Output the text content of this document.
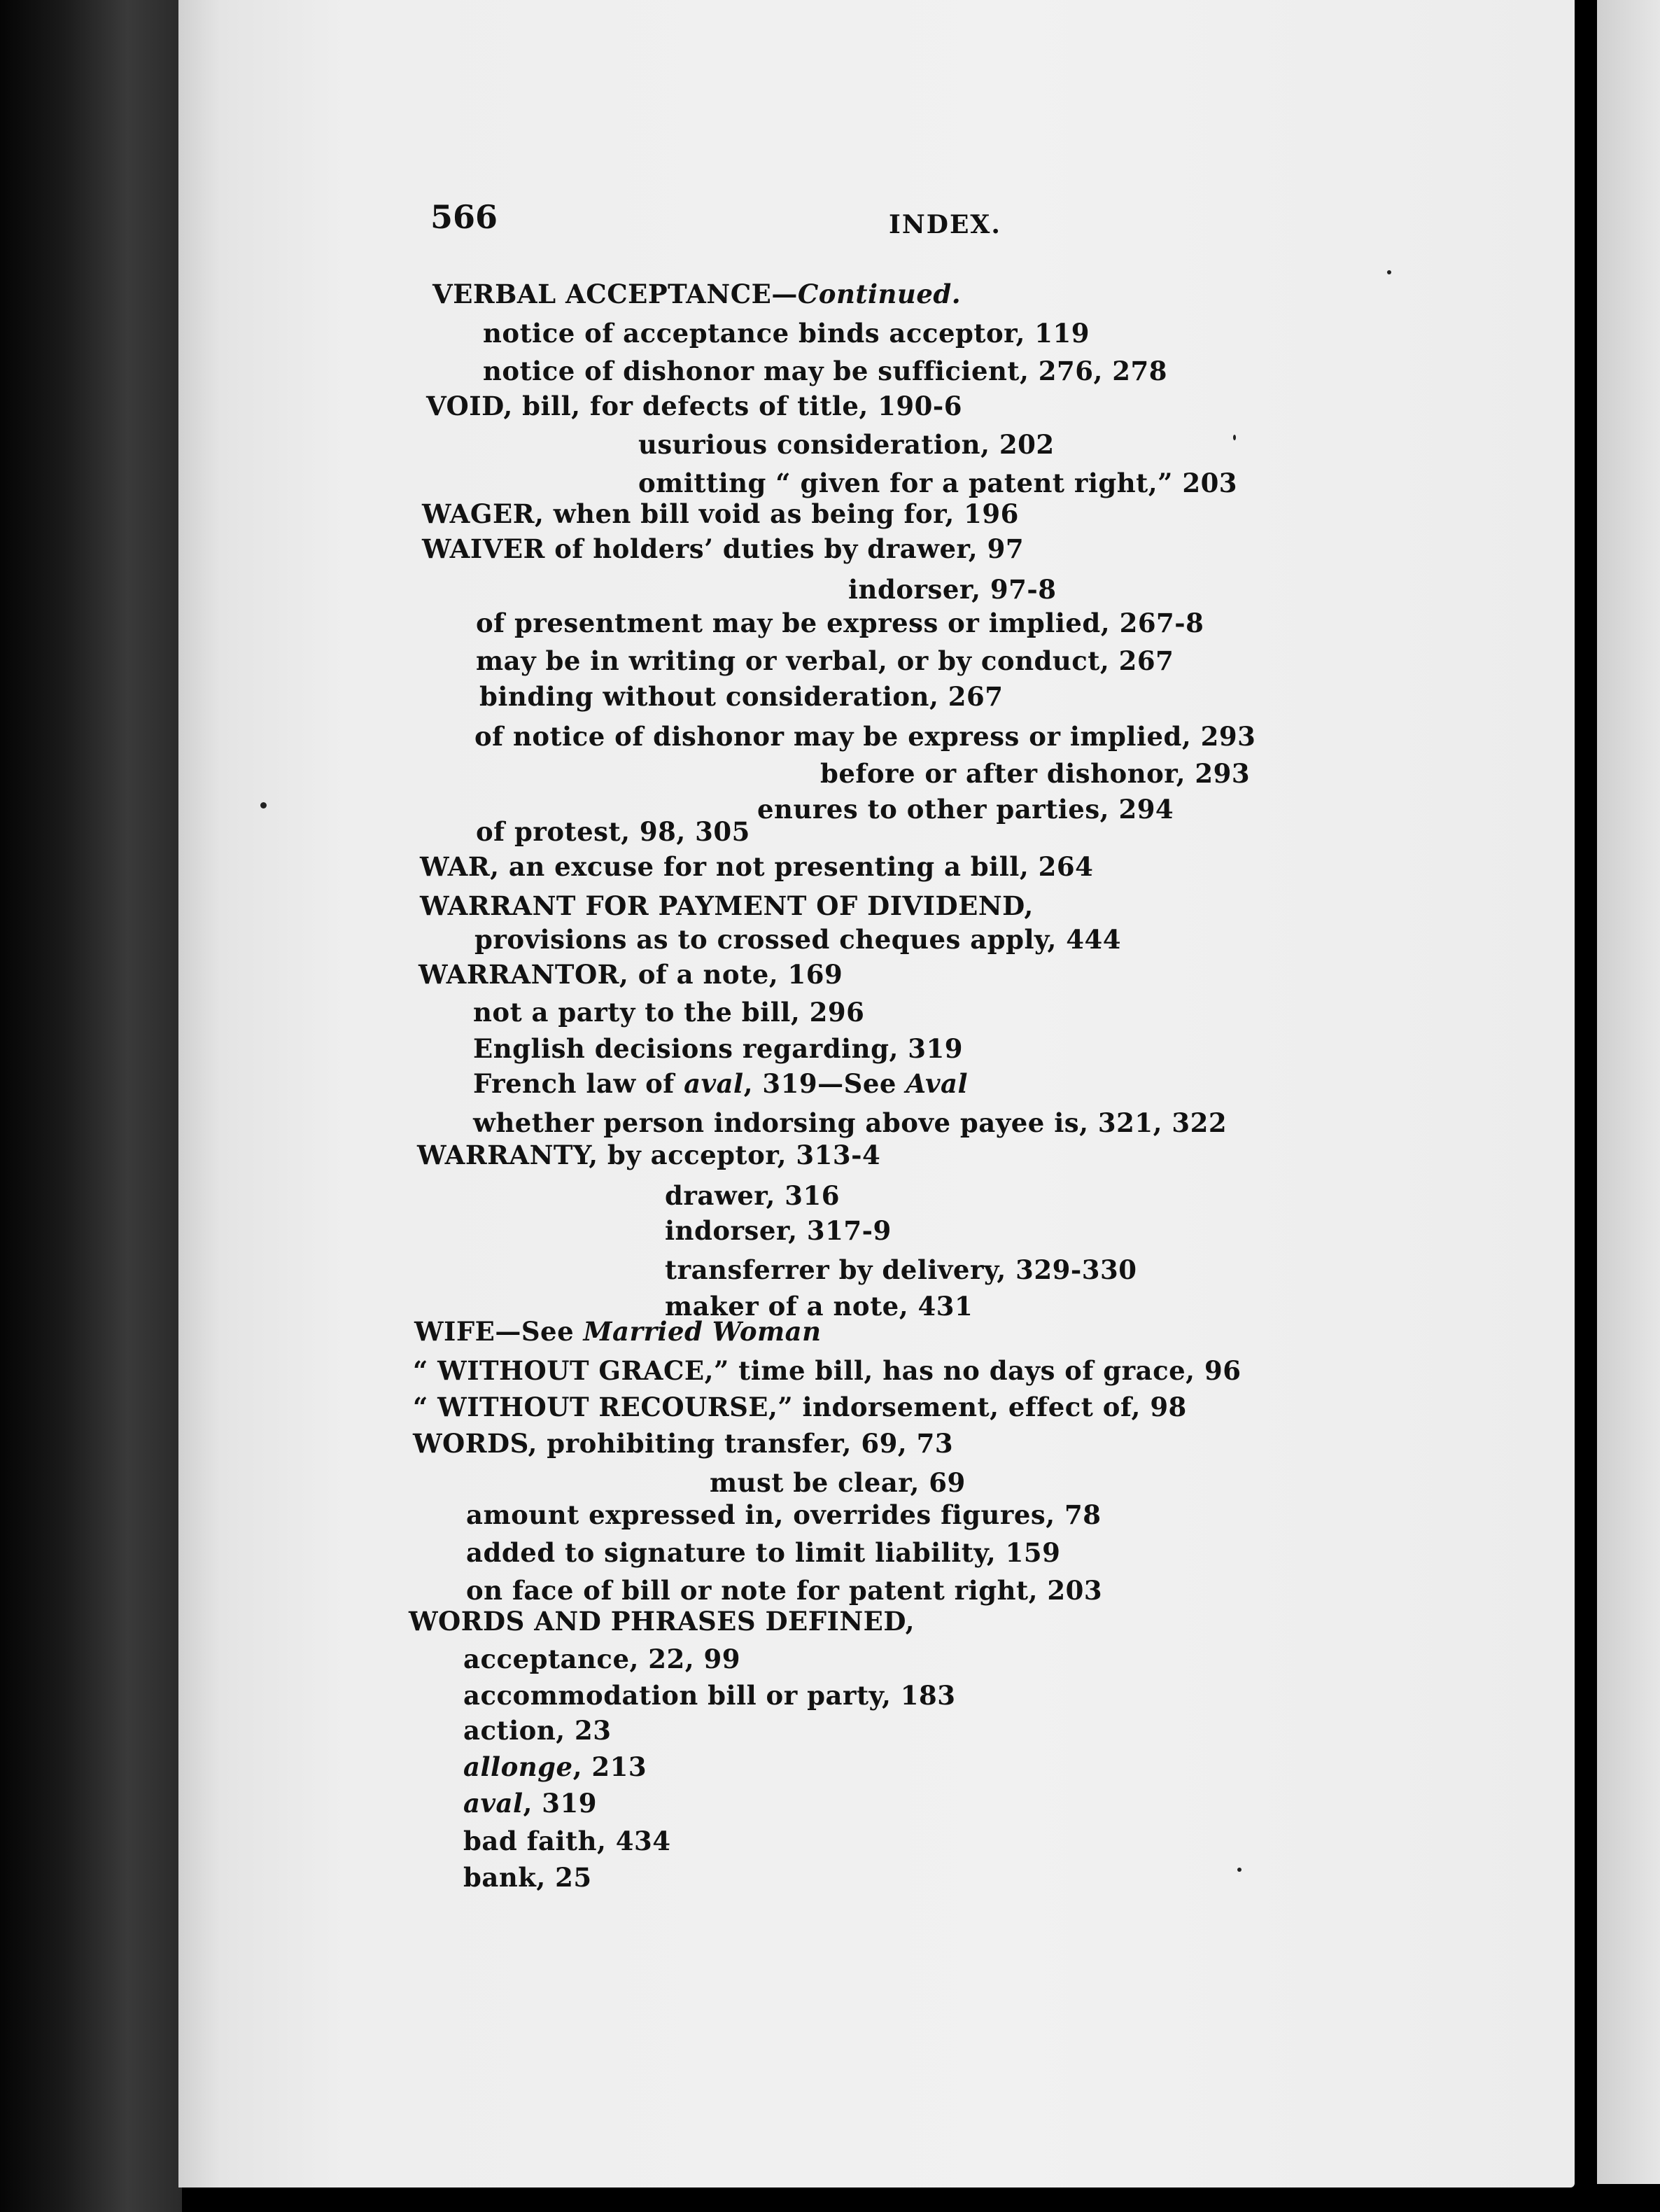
566	INDEX.
VERBAL ACCEPTANCE—Continued.
notice of acceptance binds acceptor, 119
notice of dishonor may be sufficient, 276, 278
VOID, bill, for defects of title, 190-6
usurious consideration, 202
omitting “ given for a patent right,” 203
WAGER, when bill void as being for, 196
WAIVER of holders’ duties by drawer, 97
indorser, 97-8
of presentment may be express or implied, 267-8
may be in writing or verbal, or by conduct, 267
binding without consideration, 267
of notice of dishonor may be express or implied, 293
before or after dishonor, 293
enures to other parties, 294
of protest, 98, 305
WAR, an excuse for not presenting a bill, 264
WARRANT FOR PAYMENT OF DIVIDEND,
provisions as to crossed cheques apply, 444
WARRANTOR, of a note, 169
not a party to the bill, 296
English decisions regarding, 319
French law of aval, 319—See Aval
whether person indorsing above payee is, 321, 322
WARRANTY, by acceptor, 313-4
drawer, 316
indorser, 317-9
transferrer by delivery, 329-330
maker of a note, 431
WIFE—See Married Woman
“ WITHOUT GRACE,” time bill, has no days of grace, 96
“ WITHOUT RECOURSE,” indorsement, effect of, 98
WORDS, prohibiting transfer, 69, 73
must be clear, 69
amount expressed in, overrides figures, 78
added to signature to limit liability, 159
on face of bill or note for patent right, 203
WORDS AND PHRASES DEFINED,
acceptance, 22, 99
accommodation bill or party, 183
action, 23
allonge, 213
aval, 319
bad faith, 434
bank, 25
